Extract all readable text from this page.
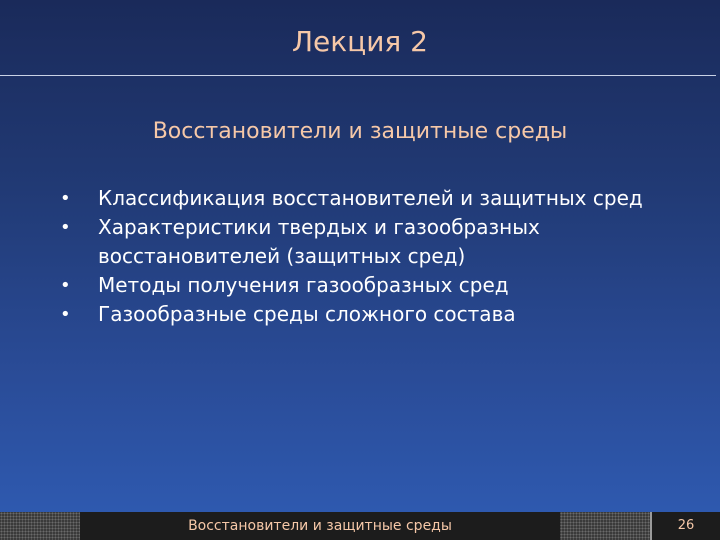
Лекция 2
Восстановители и защитные среды
• Классификация восстановителей и защитных сред
• Характеристики твердых и газообразных восстановителей (защитных сред)
• Методы получения газообразных сред
• Газообразные среды сложного состава
Восстановители и защитные среды	26
